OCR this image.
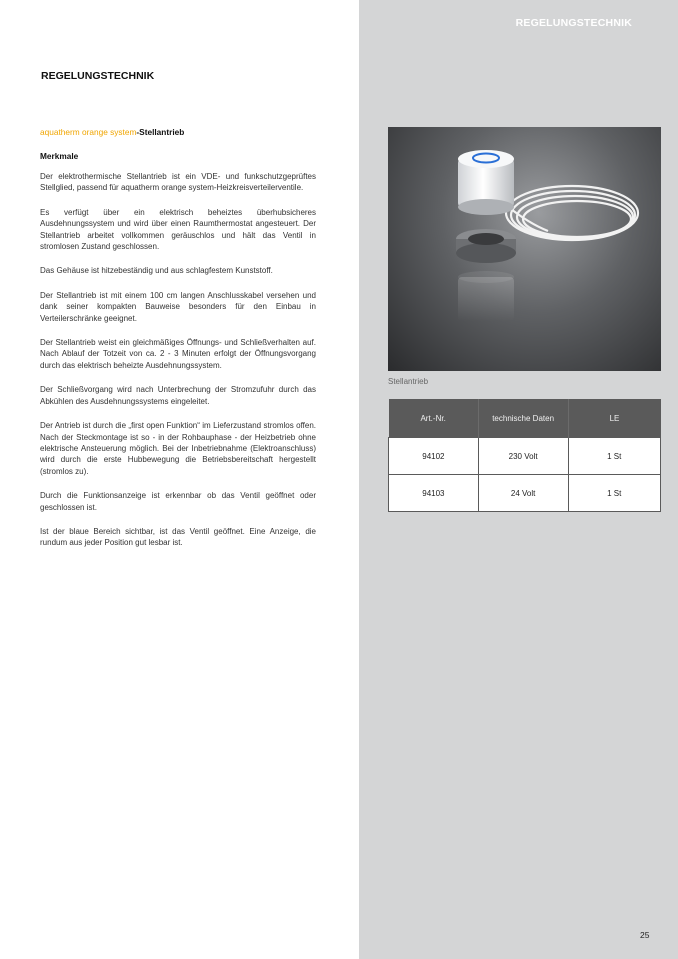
REGELUNGSTECHNIK
REGELUNGSTECHNIK

aquatherm orange system-Stellantrieb

Merkmale

Der elektrothermische Stellantrieb ist ein VDE- und funkschutzgeprüftes Stellglied, passend für aquatherm orange system-Heizkreisverteilerventile.

Es verfügt über ein elektrisch beheiztes überhubsicheres Ausdehnungssystem und wird über einen Raumthermostat angesteuert. Der Stellantrieb arbeitet vollkommen geräuschlos und hält das Ventil in stromlosen Zustand geschlossen.

Das Gehäuse ist hitzebeständig und aus schlagfestem Kunststoff.

Der Stellantrieb ist mit einem 100 cm langen Anschlusskabel versehen und dank seiner kompakten Bauweise besonders für den Einbau in Verteilerschränke geeignet.

Der Stellantrieb weist ein gleichmäßiges Öffnungs- und Schließverhalten auf. Nach Ablauf der Totzeit von ca. 2 - 3 Minuten erfolgt der Öffnungsvorgang durch das elektrisch beheizte Ausdehnungssystem.

Der Schließvorgang wird nach Unterbrechung der Stromzufuhr durch das Abkühlen des Ausdehnungssystems eingeleitet.

Der Antrieb ist durch die „first open Funktion“ im Lieferzustand stromlos offen. Nach der Steckmontage ist so - in der Rohbauphase - der Heizbetrieb ohne elektrische Ansteuerung möglich. Bei der Inbetriebnahme (Elektroanschluss) wird durch die erste Hubbewegung die Betriebsbereitschaft hergestellt (stromlos zu).

Durch die Funktionsanzeige ist erkennbar ob das Ventil geöffnet oder geschlossen ist.

Ist der blaue Bereich sichtbar, ist das Ventil geöffnet. Eine Anzeige, die rundum aus jeder Position gut lesbar ist.

Stellantrieb
Art.-Nr.	technische Daten	LE
94102	230 Volt	1 St
94103	24 Volt	1 St
25
